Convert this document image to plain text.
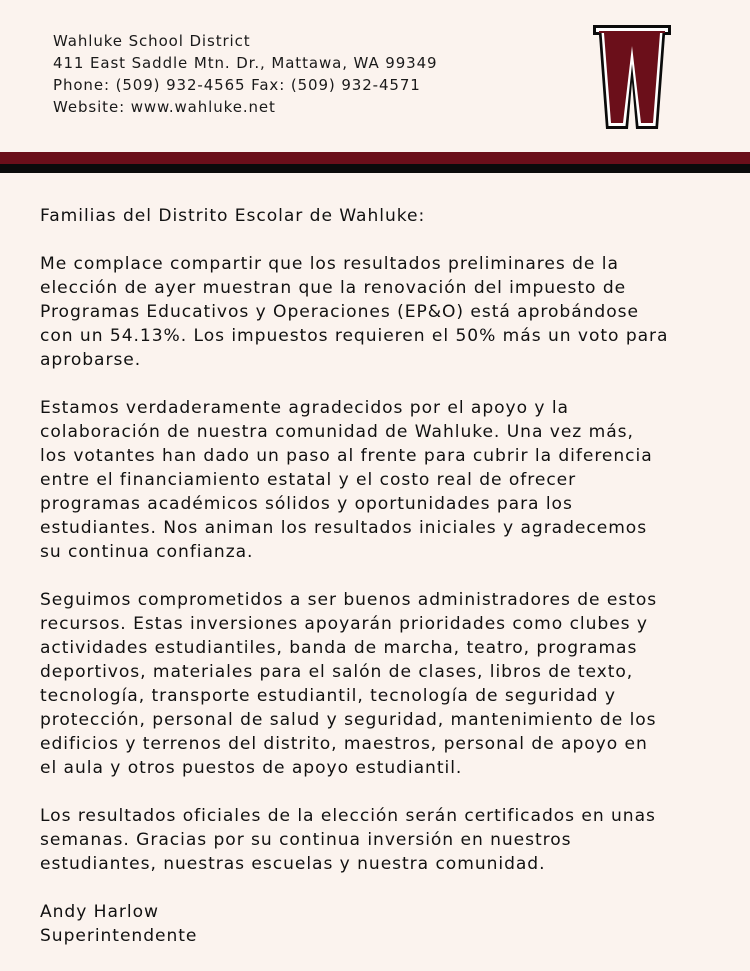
Wahluke School District
411 East Saddle Mtn. Dr., Mattawa, WA 99349
Phone: (509) 932-4565 Fax: (509) 932-4571
Website: www.wahluke.net

Familias del Distrito Escolar de Wahluke:

Me complace compartir que los resultados preliminares de la
elección de ayer muestran que la renovación del impuesto de
Programas Educativos y Operaciones (EP&O) está aprobándose
con un 54.13%. Los impuestos requieren el 50% más un voto para
aprobarse.

Estamos verdaderamente agradecidos por el apoyo y la
colaboración de nuestra comunidad de Wahluke. Una vez más,
los votantes han dado un paso al frente para cubrir la diferencia
entre el financiamiento estatal y el costo real de ofrecer
programas académicos sólidos y oportunidades para los
estudiantes. Nos animan los resultados iniciales y agradecemos
su continua confianza.

Seguimos comprometidos a ser buenos administradores de estos
recursos. Estas inversiones apoyarán prioridades como clubes y
actividades estudiantiles, banda de marcha, teatro, programas
deportivos, materiales para el salón de clases, libros de texto,
tecnología, transporte estudiantil, tecnología de seguridad y
protección, personal de salud y seguridad, mantenimiento de los
edificios y terrenos del distrito, maestros, personal de apoyo en
el aula y otros puestos de apoyo estudiantil.

Los resultados oficiales de la elección serán certificados en unas
semanas. Gracias por su continua inversión en nuestros
estudiantes, nuestras escuelas y nuestra comunidad.

Andy Harlow
Superintendente
